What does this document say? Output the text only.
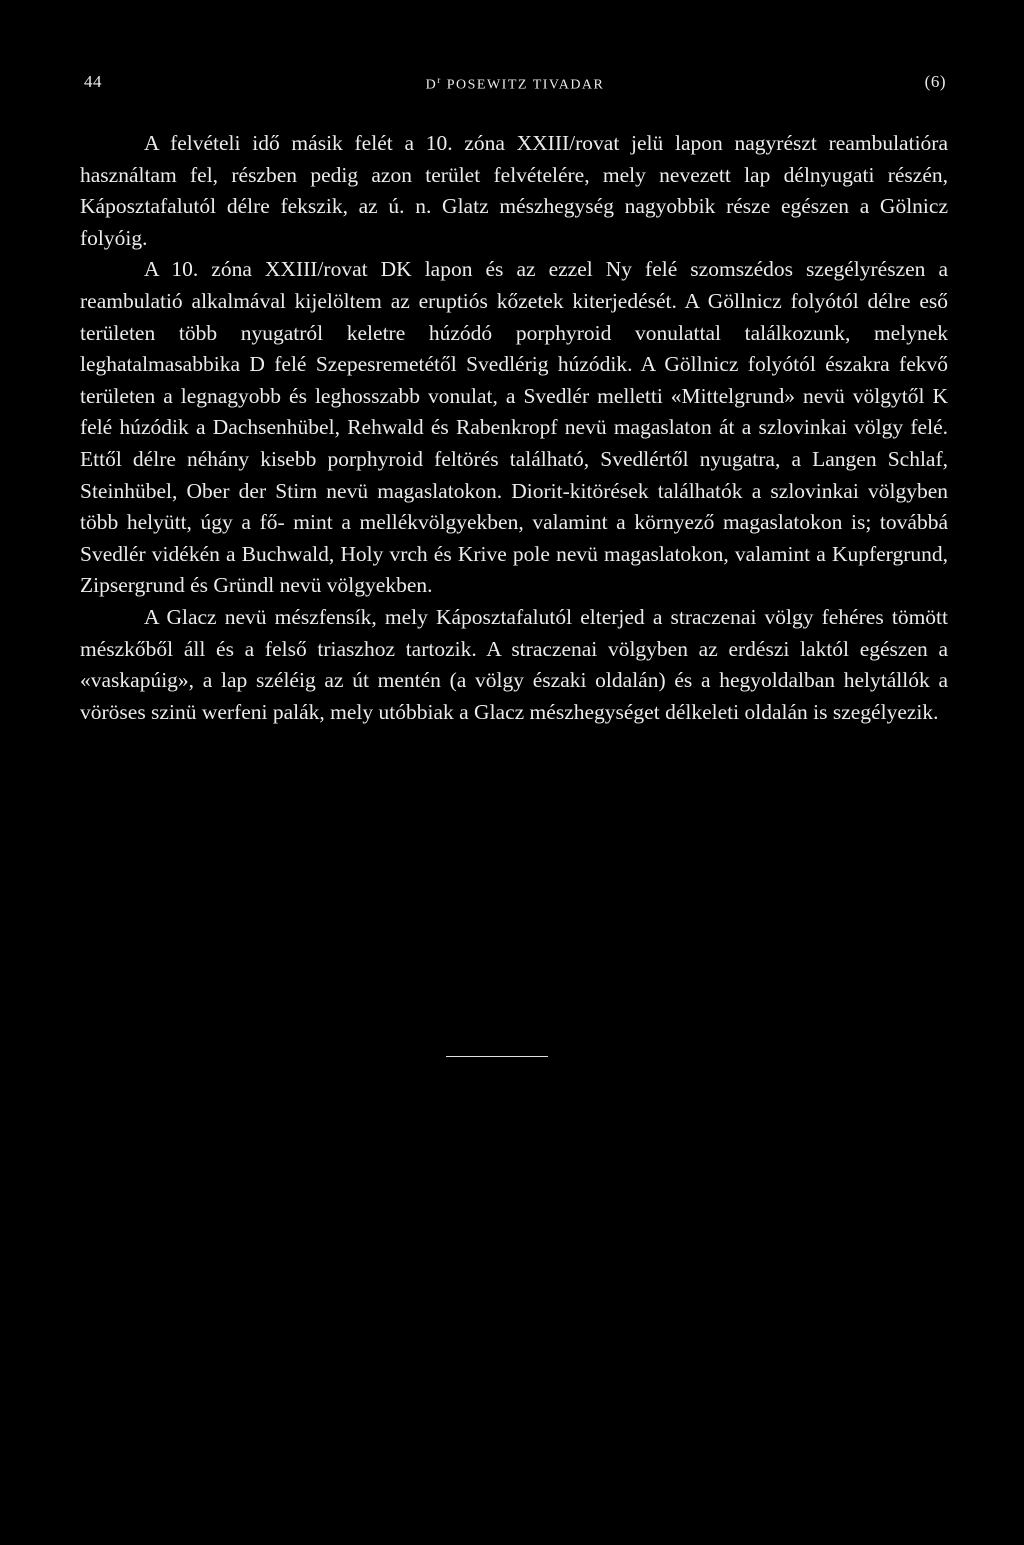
44	$D^r$ POSEWITZ TIVADAR	(6)

A felvételi idő másik felét a 10. zóna XXIII/rovat jelü lapon nagyrészt reambulatióra használtam fel, részben pedig azon terület felvételére, mely nevezett lap délnyugati részén, Káposztafalutól délre fekszik, az ú. n. Glatz mészhegység nagyobbik része egészen a Gölnicz folyóig.

A 10. zóna XXIII/rovat DK lapon és az ezzel Ny felé szomszédos szegélyrészen a reambulatió alkalmával kijelöltem az eruptiós kőzetek kiterjedését. A Göllnicz folyótól délre eső területen több nyugatról keletre húzódó porphyroid vonulattal találkozunk, melynek leghatalmasabbika D felé Szepesremetétől Svedlérig húzódik. A Göllnicz folyótól északra fekvő területen a legnagyobb és leghosszabb vonulat, a Svedlér melletti «Mittelgrund» nevü völgytől K felé húzódik a Dachsenhübel, Rehwald és Rabenkropf nevü magaslaton át a szlovinkai völgy felé. Ettől délre néhány kisebb porphyroid feltörés található, Svedlértől nyugatra, a Langen Schlaf, Steinhübel, Ober der Stirn nevü magaslatokon. Diorit-kitörések találhatók a szlovinkai völgyben több helyütt, úgy a fő- mint a mellékvölgyekben, valamint a környező magaslatokon is; továbbá Svedlér vidékén a Buchwald, Holy vrch és Krive pole nevü magaslatokon, valamint a Kupfergrund, Zipsergrund és Gründl nevü völgyekben.

A Glacz nevü mészfensík, mely Káposztafalutól elterjed a straczenai völgy fehéres tömött mészkőből áll és a felső triaszhoz tartozik. A straczenai völgyben az erdészi laktól egészen a «vaskapúig», a lap széléig az út mentén (a völgy északi oldalán) és a hegyoldalban helytállók a vöröses szinü werfeni palák, mely utóbbiak a Glacz mészhegységet délkeleti oldalán is szegélyezik.
